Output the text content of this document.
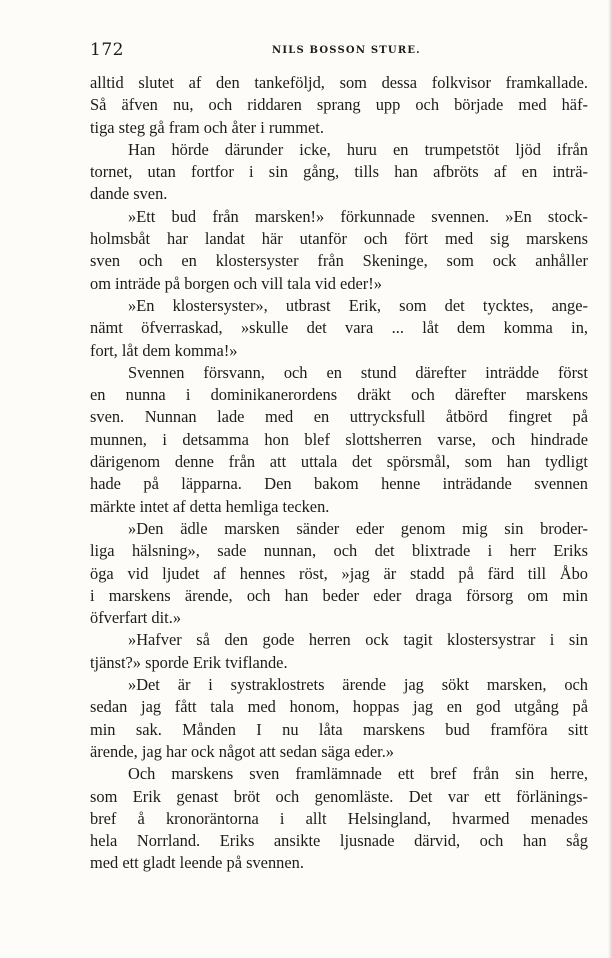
172	NILS BOSSON STURE.
alltid slutet af den tankeföljd, som dessa folkvisor framkallade.
Så äfven nu, och riddaren sprang upp och började med häf-
tiga steg gå fram och åter i rummet.
Han hörde därunder icke, huru en trumpetstöt ljöd ifrån
tornet, utan fortfor i sin gång, tills han afbröts af en inträ-
dande sven.
»Ett bud från marsken!» förkunnade svennen. »En stock-
holmsbåt har landat här utanför och fört med sig marskens
sven och en klostersyster från Skeninge, som ock anhåller
om inträde på borgen och vill tala vid eder!»
»En klostersyster», utbrast Erik, som det tycktes, ange-
nämt öfverraskad, »skulle det vara ... låt dem komma in,
fort, låt dem komma!»
Svennen försvann, och en stund därefter inträdde först
en nunna i dominikanerordens dräkt och därefter marskens
sven. Nunnan lade med en uttrycksfull åtbörd fingret på
munnen, i detsamma hon blef slottsherren varse, och hindrade
därigenom denne från att uttala det spörsmål, som han tydligt
hade på läpparna. Den bakom henne inträdande svennen
märkte intet af detta hemliga tecken.
»Den ädle marsken sänder eder genom mig sin broder-
liga hälsning», sade nunnan, och det blixtrade i herr Eriks
öga vid ljudet af hennes röst, »jag är stadd på färd till Åbo
i marskens ärende, och han beder eder draga försorg om min
öfverfart dit.»
»Hafver så den gode herren ock tagit klostersystrar i sin
tjänst?» sporde Erik tviflande.
»Det är i systraklostrets ärende jag sökt marsken, och
sedan jag fått tala med honom, hoppas jag en god utgång på
min sak. Månden I nu låta marskens bud framföra sitt
ärende, jag har ock något att sedan säga eder.»
Och marskens sven framlämnade ett bref från sin herre,
som Erik genast bröt och genomläste. Det var ett förlänings-
bref å kronoräntorna i allt Helsingland, hvarmed menades
hela Norrland. Eriks ansikte ljusnade därvid, och han såg
med ett gladt leende på svennen.
